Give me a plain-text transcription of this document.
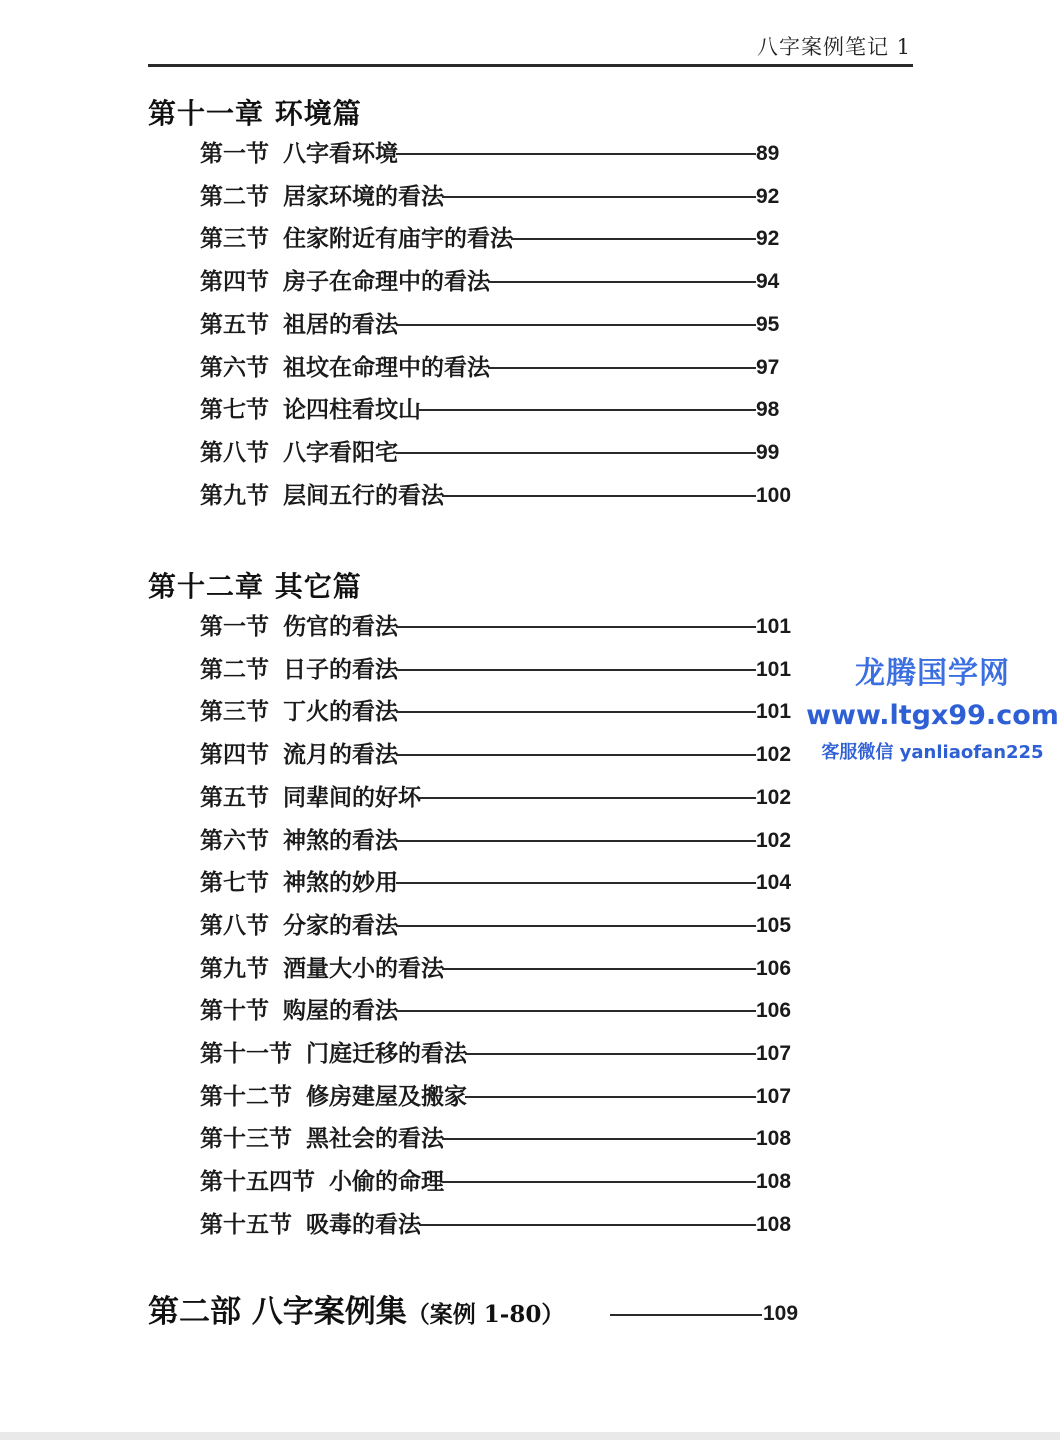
八字案例笔记 1
第十一章 环境篇
第一节 八字看环境	89
第二节 居家环境的看法	92
第三节 住家附近有庙宇的看法	92
第四节 房子在命理中的看法	94
第五节 祖居的看法	95
第六节 祖坟在命理中的看法	97
第七节 论四柱看坟山	98
第八节 八字看阳宅	99
第九节 层间五行的看法	100
第十二章 其它篇
第一节 伤官的看法	101
第二节 日子的看法	101
第三节 丁火的看法	101
第四节 流月的看法	102
第五节 同辈间的好坏	102
第六节 神煞的看法	102
第七节 神煞的妙用	104
第八节 分家的看法	105
第九节 酒量大小的看法	106
第十节 购屋的看法	106
第十一节 门庭迁移的看法	107
第十二节 修房建屋及搬家	107
第十三节 黑社会的看法	108
第十五四节 小偷的命理	108
第十五节 吸毒的看法	108
第二部 八字案例集（案例 1-80）	109
龙腾国学网
www.ltgx99.com
客服微信 yanliaofan225
